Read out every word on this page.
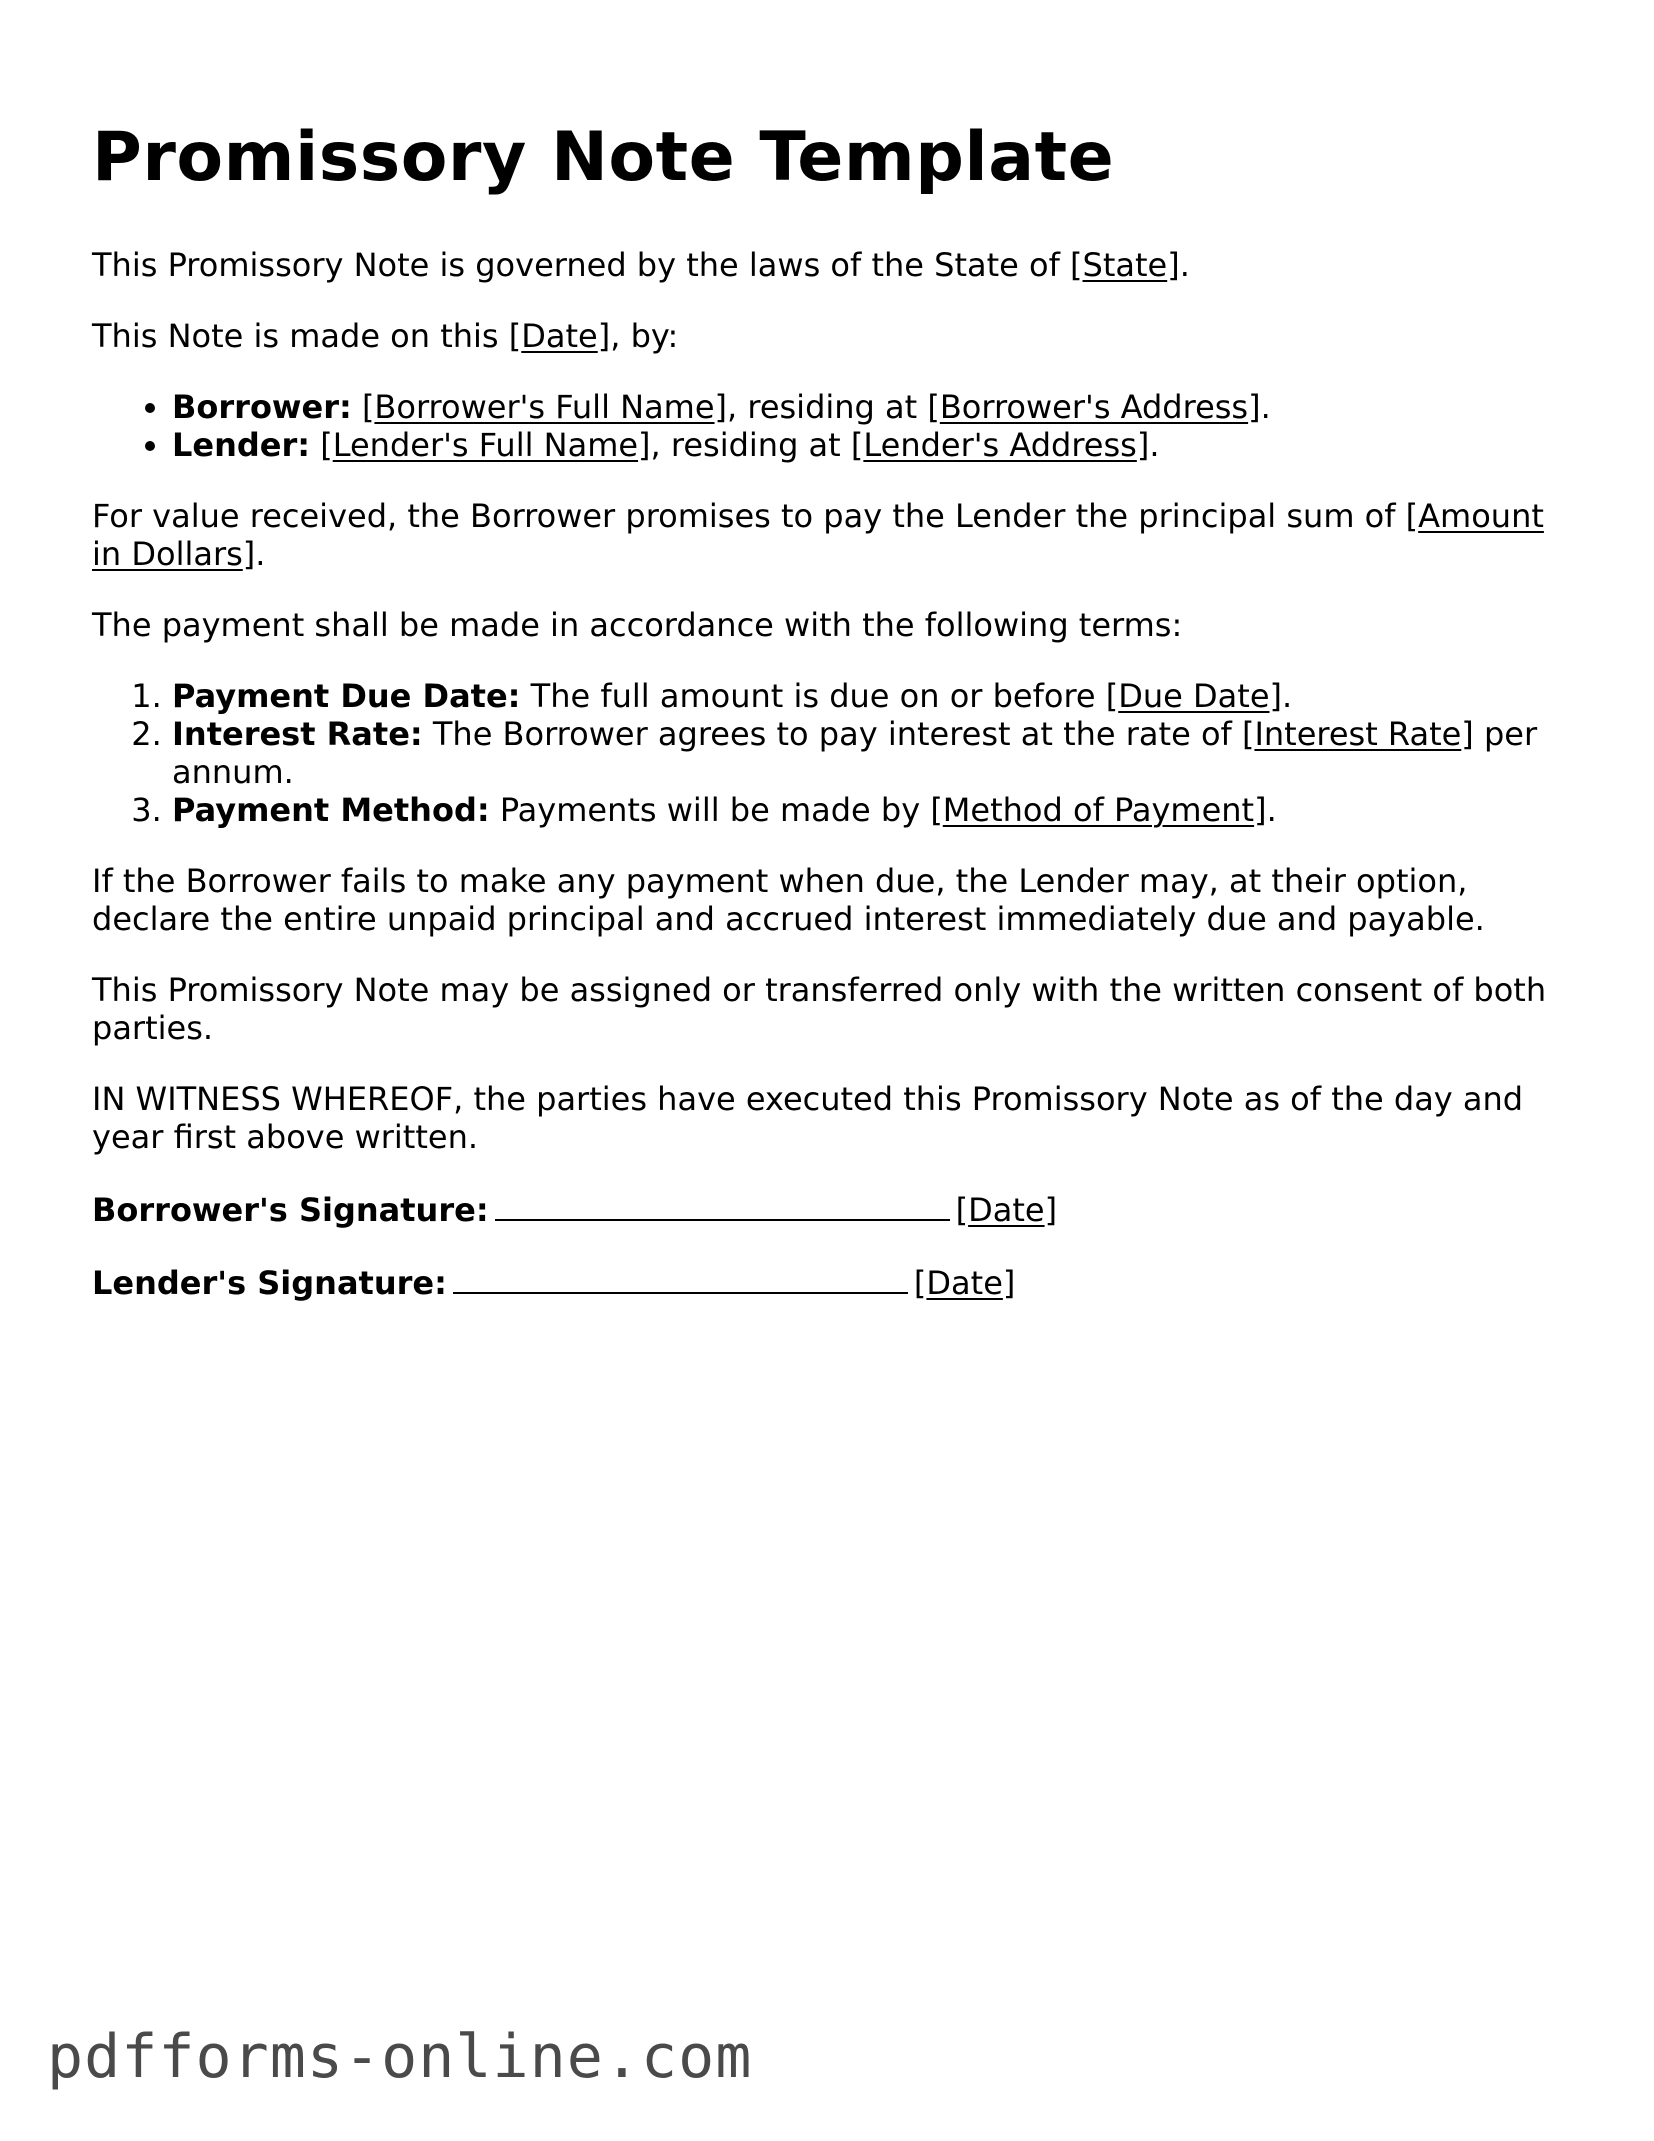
Promissory Note Template

This Promissory Note is governed by the laws of the State of [State].

This Note is made on this [Date], by:

• Borrower: [Borrower's Full Name], residing at [Borrower's Address].
• Lender: [Lender's Full Name], residing at [Lender's Address].

For value received, the Borrower promises to pay the Lender the principal sum of [Amount in Dollars].

The payment shall be made in accordance with the following terms:

1. Payment Due Date: The full amount is due on or before [Due Date].
2. Interest Rate: The Borrower agrees to pay interest at the rate of [Interest Rate] per annum.
3. Payment Method: Payments will be made by [Method of Payment].

If the Borrower fails to make any payment when due, the Lender may, at their option, declare the entire unpaid principal and accrued interest immediately due and payable.

This Promissory Note may be assigned or transferred only with the written consent of both parties.

IN WITNESS WHEREOF, the parties have executed this Promissory Note as of the day and year first above written.

Borrower's Signature:	[Date]

Lender's Signature:	[Date]

pdfforms-online.com
